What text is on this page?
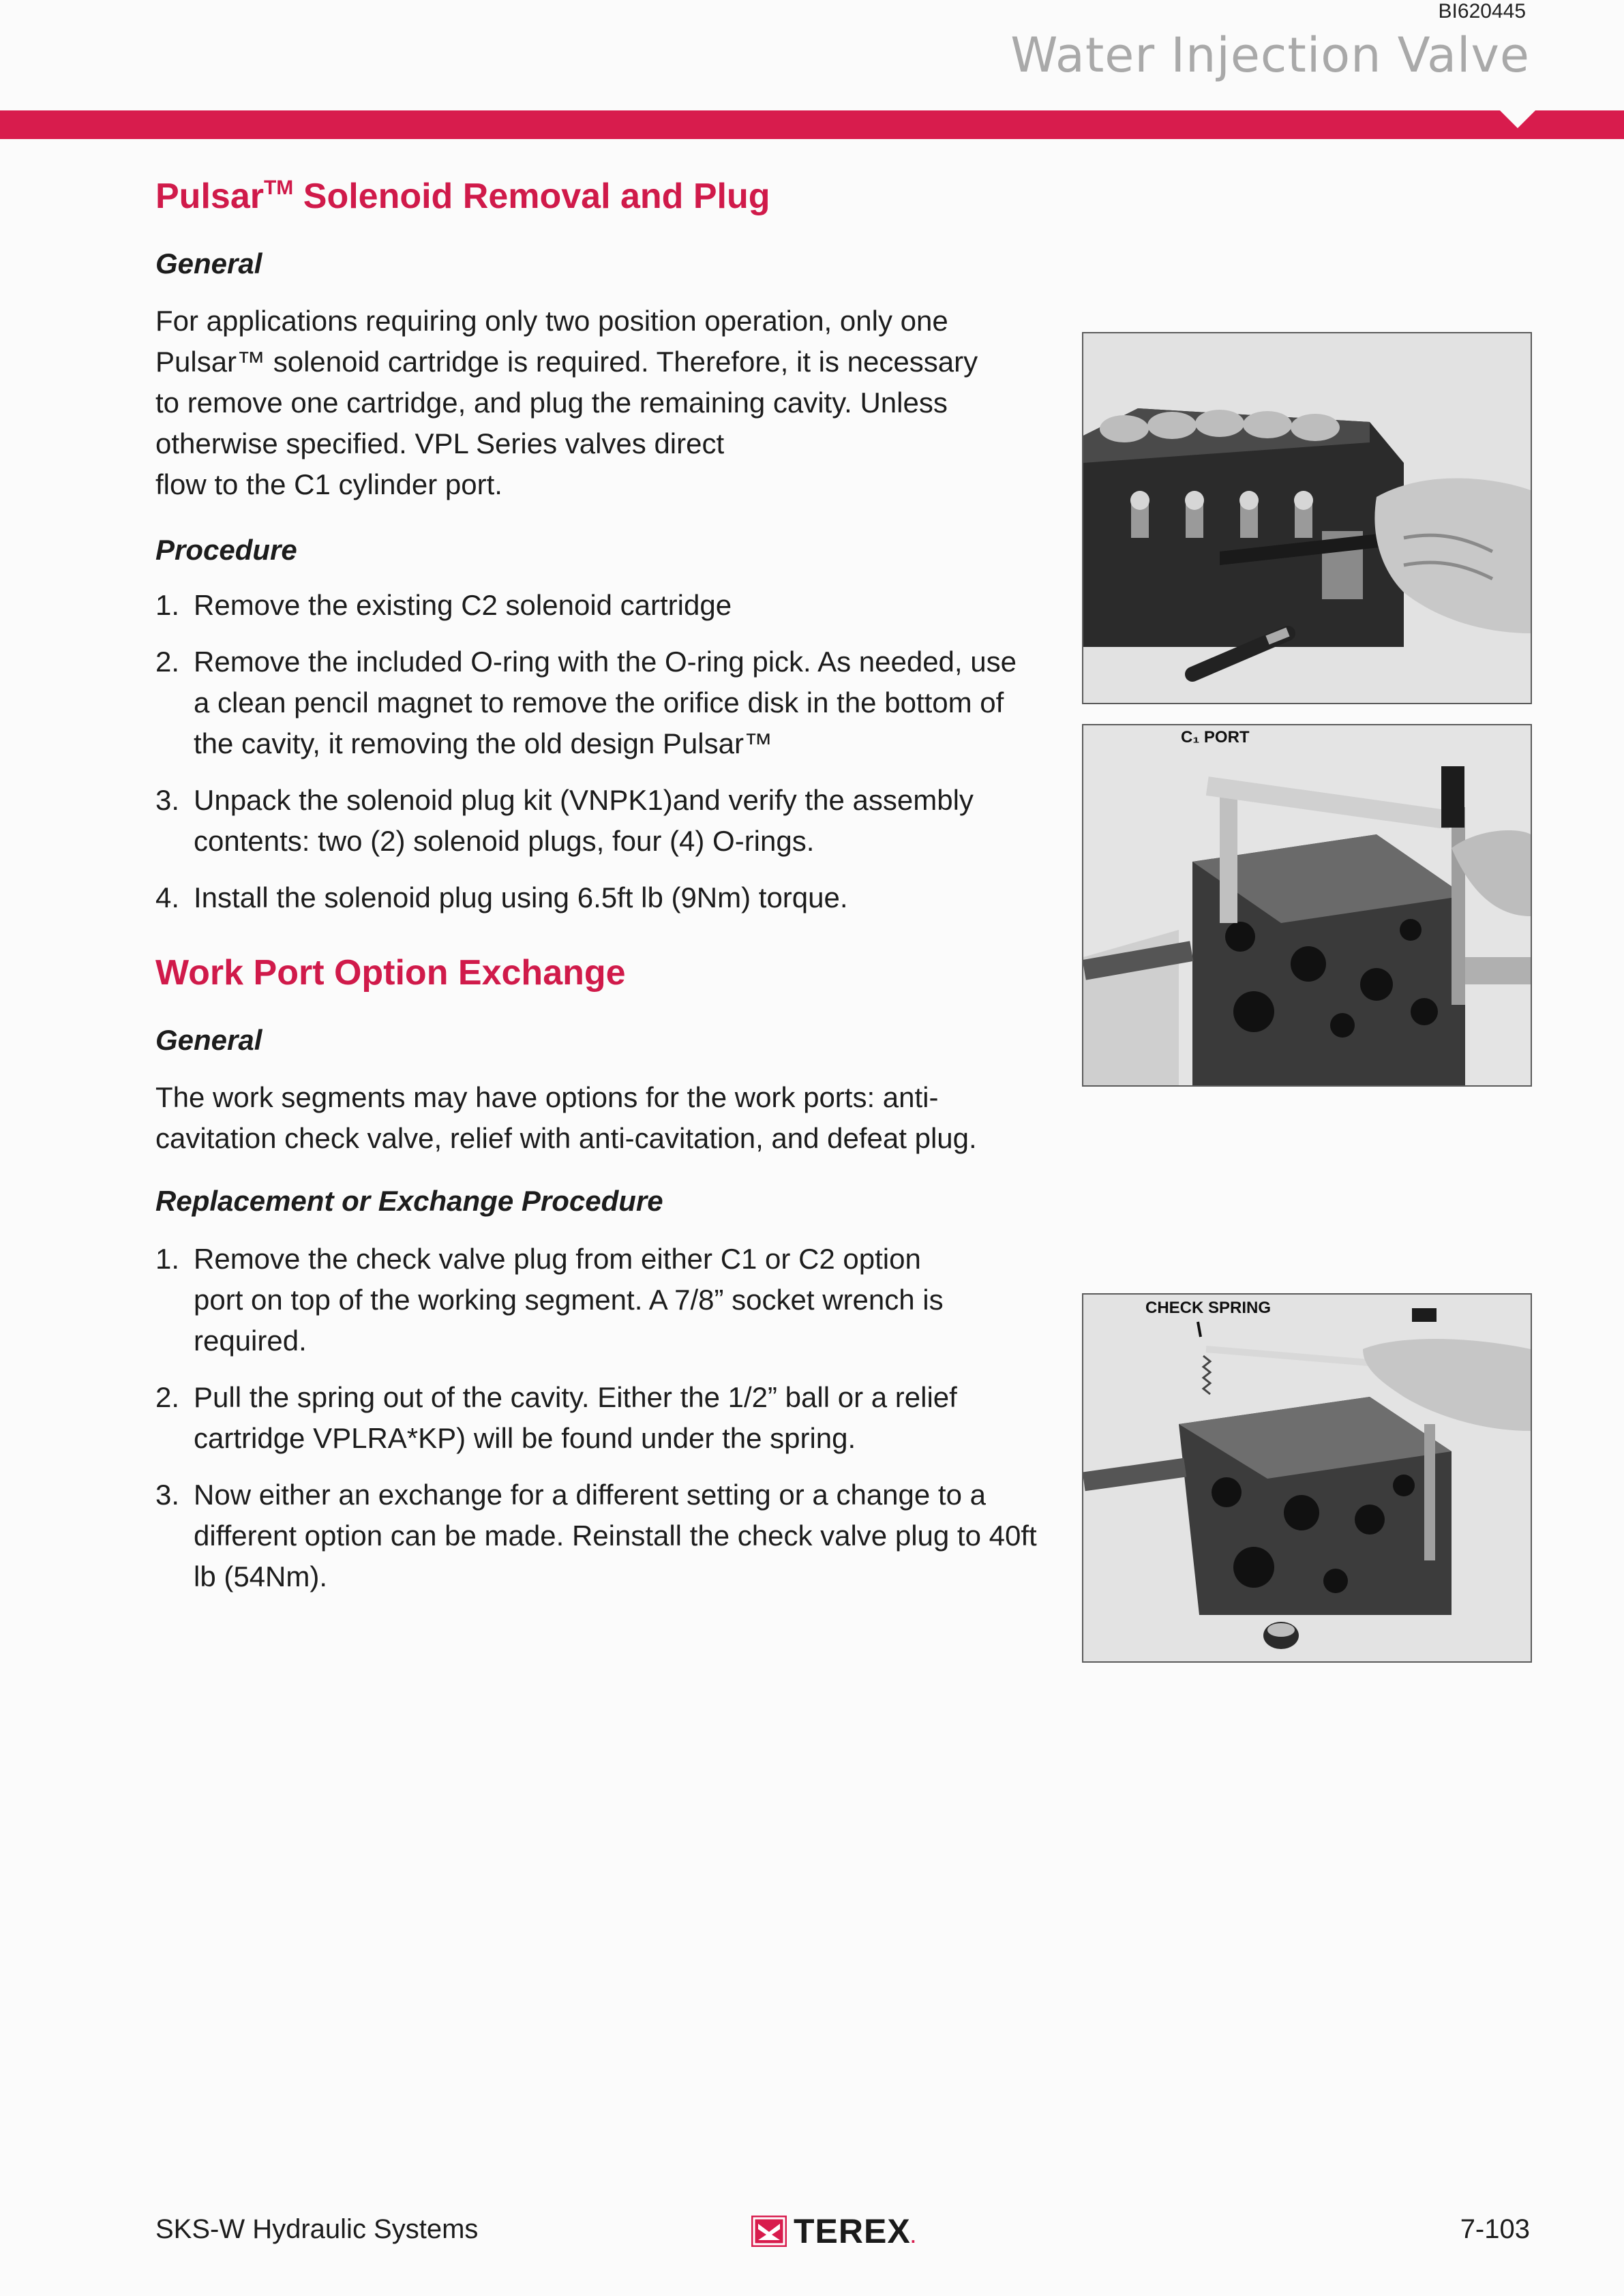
BI620445
Water Injection Valve
Pulsar™ Solenoid Removal and Plug
General
For applications requiring only two position operation, only one
Pulsar™ solenoid cartridge is required. Therefore, it is necessary
to remove one cartridge, and plug the remaining cavity. Unless
otherwise specified. VPL Series valves direct
flow to the C1 cylinder port.
Procedure
1. Remove the existing C2 solenoid cartridge
2. Remove the included O-ring with the O-ring pick. As needed, use a clean pencil magnet to remove the orifice disk in the bottom of the cavity, it removing the old design Pulsar™
3. Unpack the solenoid plug kit (VNPK1)and verify the assembly contents: two (2) solenoid plugs, four (4) O-rings.
4. Install the solenoid plug using 6.5ft lb (9Nm) torque.
Work Port Option Exchange
General

The work segments may have options for the work ports: anti-cavitation check valve, relief with anti-cavitation, and defeat plug.

Replacement or Exchange Procedure
1. Remove the check valve plug from either C1 or C2 option port on top of the working segment. A 7/8” socket wrench is required.
2. Pull the spring out of the cavity. Either the 1/2” ball or a relief cartridge VPLRA*KP) will be found under the spring.
3. Now either an exchange for a different setting or a change to a different option can be made. Reinstall the check valve plug to 40ft lb (54Nm).
C₁ PORT
CHECK SPRING
SKS-W Hydraulic Systems	TEREX.	7-103
